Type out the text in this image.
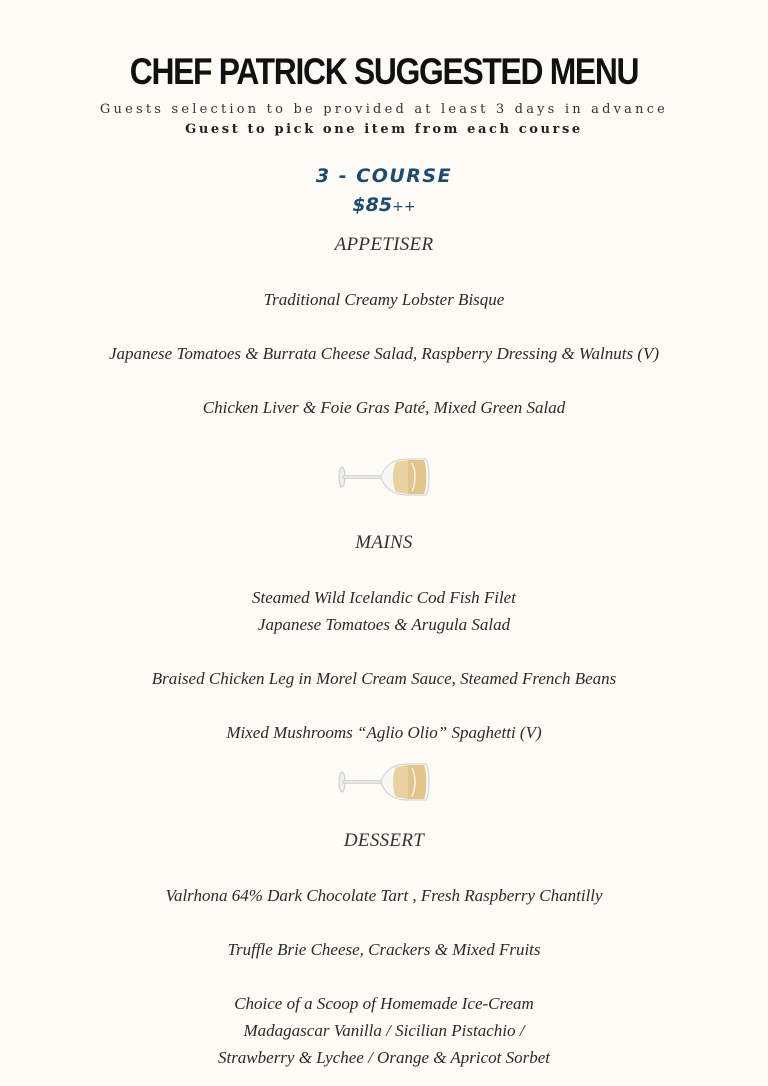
CHEF PATRICK SUGGESTED MENU

Guests selection to be provided at least 3 days in advance

Guest to pick one item from each course

3 - COURSE

$85++

APPETISER

Traditional Creamy Lobster Bisque

Japanese Tomatoes & Burrata Cheese Salad, Raspberry Dressing & Walnuts (V)

Chicken Liver & Foie Gras Paté, Mixed Green Salad

MAINS

Steamed Wild Icelandic Cod Fish Filet

Japanese Tomatoes & Arugula Salad

Braised Chicken Leg in Morel Cream Sauce, Steamed French Beans

Mixed Mushrooms “Aglio Olio” Spaghetti (V)

DESSERT

Valrhona 64% Dark Chocolate Tart , Fresh Raspberry Chantilly

Truffle Brie Cheese, Crackers & Mixed Fruits

Choice of a Scoop of Homemade Ice-Cream

Madagascar Vanilla / Sicilian Pistachio /

Strawberry & Lychee / Orange & Apricot Sorbet
